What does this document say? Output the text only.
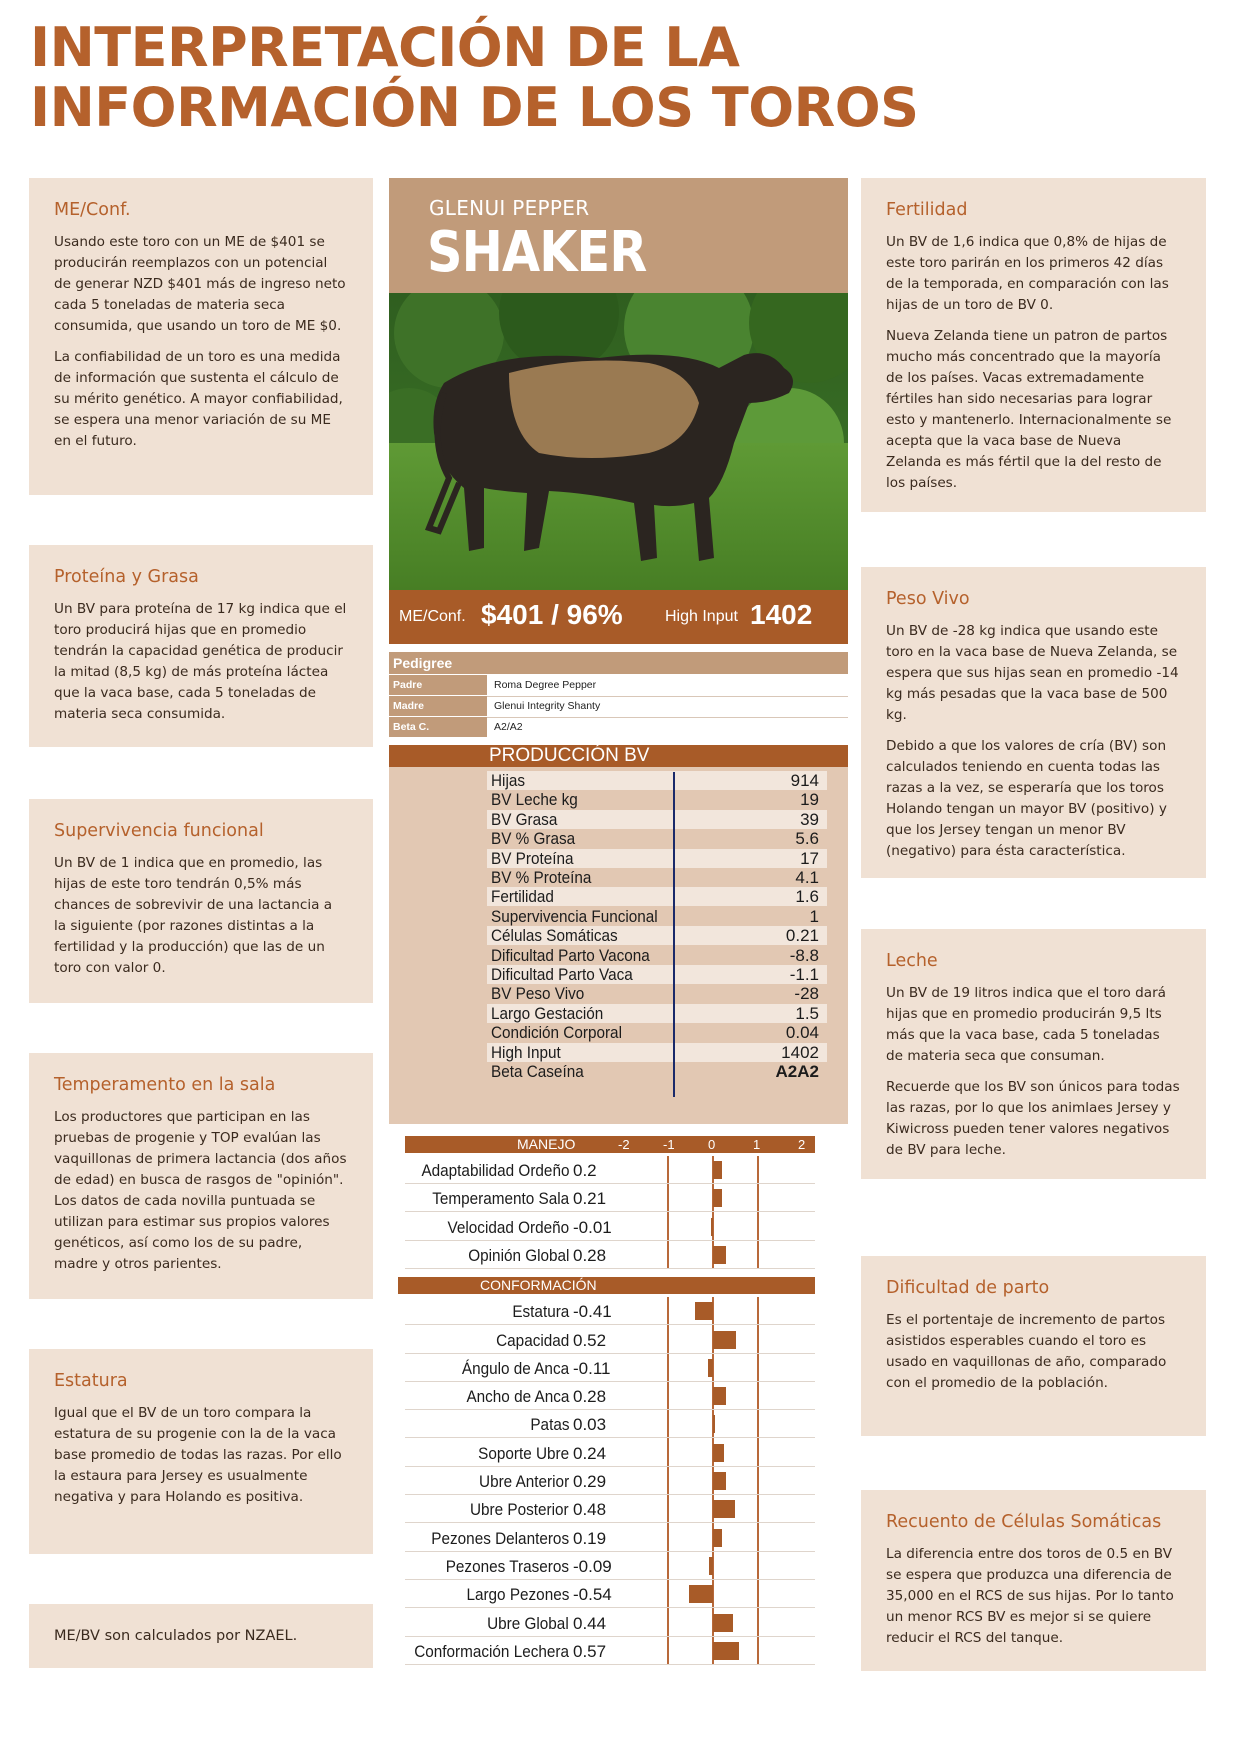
INTERPRETACIÓN DE LA INFORMACIÓN DE LOS TOROS
ME/Conf.

Usando este toro con un ME de $401 se producirán reemplazos con un potencial de generar NZD $401 más de ingreso neto cada 5 toneladas de materia seca consumida, que usando un toro de ME $0.

La confiabilidad de un toro es una medida de información que sustenta el cálculo de su mérito genético. A mayor confiabilidad, se espera una menor variación de su ME en el futuro.

Proteína y Grasa

Un BV para proteína de 17 kg indica que el toro producirá hijas que en promedio tendrán la capacidad genética de producir la mitad (8,5 kg) de más proteína láctea que la vaca base, cada 5 toneladas de materia seca consumida.

Supervivencia funcional

Un BV de 1 indica que en promedio, las hijas de este toro tendrán 0,5% más chances de sobrevivir de una lactancia a la siguiente (por razones distintas a la fertilidad y la producción) que las de un toro con valor 0.

Temperamento en la sala

Los productores que participan en las pruebas de progenie y TOP evalúan las vaquillonas de primera lactancia (dos años de edad) en busca de rasgos de "opinión". Los datos de cada novilla puntuada se utilizan para estimar sus propios valores genéticos, así como los de su padre, madre y otros parientes.

Estatura

Igual que el BV de un toro compara la estatura de su progenie con la de la vaca base promedio de todas las razas. Por ello la estaura para Jersey es usualmente negativa y para Holando es positiva.

ME/BV son calculados por NZAEL.

Fertilidad

Un BV de 1,6 indica que 0,8% de hijas de este toro parirán en los primeros 42 días de la temporada, en comparación con las hijas de un toro de BV 0.

Nueva Zelanda tiene un patron de partos mucho más concentrado que la mayoría de los países. Vacas extremadamente fértiles han sido necesarias para lograr esto y mantenerlo. Internacionalmente se acepta que la vaca base de Nueva Zelanda es más fértil que la del resto de los países.

Peso Vivo

Un BV de -28 kg indica que usando este toro en la vaca base de Nueva Zelanda, se espera que sus hijas sean en promedio -14 kg más pesadas que la vaca base de 500 kg.

Debido a que los valores de cría (BV) son calculados teniendo en cuenta todas las razas a la vez, se esperaría que los toros Holando tengan un mayor BV (positivo) y que los Jersey tengan un menor BV (negativo) para ésta característica.

Leche

Un BV de 19 litros indica que el toro dará hijas que en promedio producirán 9,5 lts más que la vaca base, cada 5 toneladas de materia seca que consuman.

Recuerde que los BV son únicos para todas las razas, por lo que los animlaes Jersey y Kiwicross pueden tener valores negativos de BV para leche.

Dificultad de parto

Es el portentaje de incremento de partos asistidos esperables cuando el toro es usado en vaquillonas de año, comparado con el promedio de la población.

Recuento de Células Somáticas

La diferencia entre dos toros de 0.5 en BV se espera que produzca una diferencia de 35,000 en el RCS de sus hijas. Por lo tanto un menor RCS BV es mejor si se quiere reducir el RCS del tanque.

GLENUI PEPPER
SHAKER
ME/Conf. $401 / 96%	High Input 1402
Pedigree
Padre	Roma Degree Pepper
Madre	Glenui Integrity Shanty
Beta C.	A2/A2
PRODUCCIÓN BV
Hijas	914
BV Leche kg	19
BV Grasa	39
BV % Grasa	5.6
BV Proteína	17
BV % Proteína	4.1
Fertilidad	1.6
Supervivencia Funcional	1
Células Somáticas	0.21
Dificultad Parto Vacona	-8.8
Dificultad Parto Vaca	-1.1
BV Peso Vivo	-28
Largo Gestación	1.5
Condición Corporal	0.04
High Input	1402
Beta Caseína	A2A2
MANEJO	-2	-1	0	1	2
Adaptabilidad Ordeño 0.2
Temperamento Sala 0.21
Velocidad Ordeño -0.01
Opinión Global 0.28
CONFORMACIÓN
Estatura -0.41
Capacidad 0.52
Ángulo de Anca -0.11
Ancho de Anca 0.28
Patas 0.03
Soporte Ubre 0.24
Ubre Anterior 0.29
Ubre Posterior 0.48
Pezones Delanteros 0.19
Pezones Traseros -0.09
Largo Pezones -0.54
Ubre Global 0.44
Conformación Lechera 0.57
